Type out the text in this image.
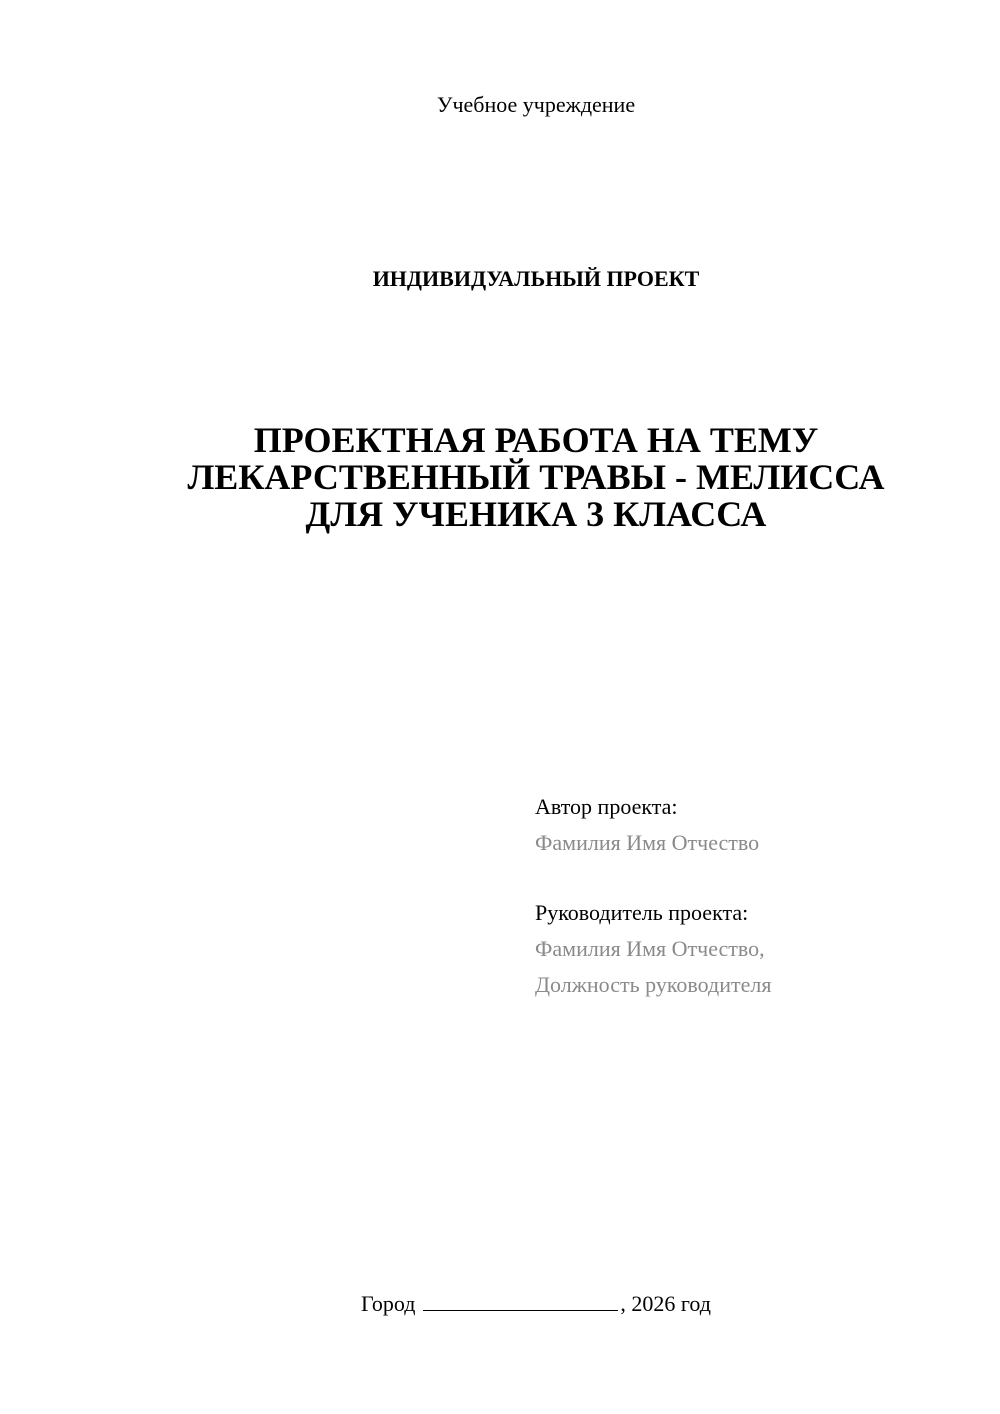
Учебное учреждение
ИНДИВИДУАЛЬНЫЙ ПРОЕКТ
ПРОЕКТНАЯ РАБОТА НА ТЕМУ
ЛЕКАРСТВЕННЫЙ ТРАВЫ - МЕЛИССА
ДЛЯ УЧЕНИКА 3 КЛАССА
Автор проекта:
Фамилия Имя Отчество
Руководитель проекта:
Фамилия Имя Отчество,
Должность руководителя
Город	, 2026 год
